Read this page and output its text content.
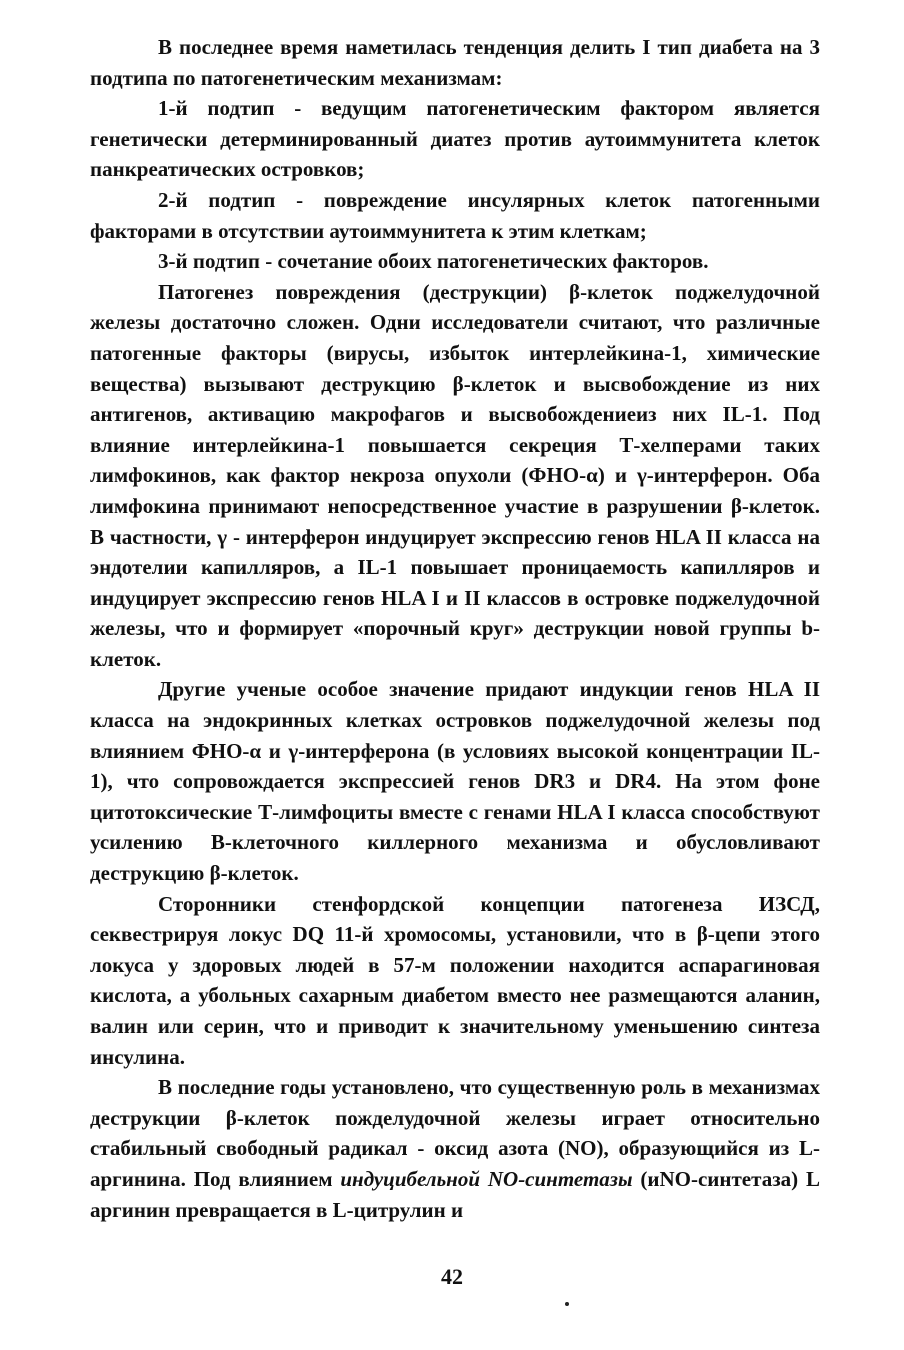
В последнее время наметилась тенденция делить I тип диабета на 3 подтипа по патогенетическим механизмам:

1-й подтип - ведущим патогенетическим фактором является генетически детерминированный диатез против аутоиммунитета клеток панкреатических островков;

2-й подтип - повреждение инсулярных клеток патогенными факторами в отсутствии аутоиммунитета к этим клеткам;

3-й подтип - сочетание обоих патогенетических факторов.

Патогенез повреждения (деструкции) β-клеток поджелудочной железы достаточно сложен. Одни исследователи считают, что различные патогенные факторы (вирусы, избыток интерлейкина-1, химические вещества) вызывают деструкцию β-клеток и высвобождение из них антигенов, активацию макрофагов и высвобождениеиз них IL-1. Под влияние интерлейкина-1 повышается секреция Т-хелперами таких лимфокинов, как фактор некроза опухоли (ФНО-α) и γ-интерферон. Оба лимфокина принимают непосредственное участие в разрушении β-клеток. В частности, γ - интерферон индуцирует экспрессию генов HLA II класса на эндотелии капилляров, а IL-1 повышает проницаемость капилляров и индуцирует экспрессию генов HLA I и II классов в островке поджелудочной железы, что и формирует «порочный круг» деструкции новой группы b-клеток.

Другие ученые особое значение придают индукции генов HLA II класса на эндокринных клетках островков поджелудочной железы под влиянием ФНО-α и γ-интерферона (в условиях высокой концентрации IL-1), что сопровождается экспрессией генов DR3 и DR4. На этом фоне цитотоксические Т-лимфоциты вместе с генами HLA I класса способствуют усилению В-клеточного киллерного механизма и обусловливают деструкцию β-клеток.

Сторонники стенфордской концепции патогенеза ИЗСД, секвестрируя локус DQ 11-й хромосомы, установили, что в β-цепи этого локуса у здоровых людей в 57-м положении находится аспарагиновая кислота, а убольных сахарным диабетом вместо нее размещаются аланин, валин или серин, что и приводит к значительному уменьшению синтеза инсулина.

В последние годы установлено, что существенную роль в механизмах деструкции β-клеток пожделудочной железы играет относительно стабильный свободный радикал - оксид азота (NO), образующийся из L-аргинина. Под влиянием индуцибельной NO-синтетазы (иNO-синтетаза) L аргинин превращается в L-цитрулин и

42
